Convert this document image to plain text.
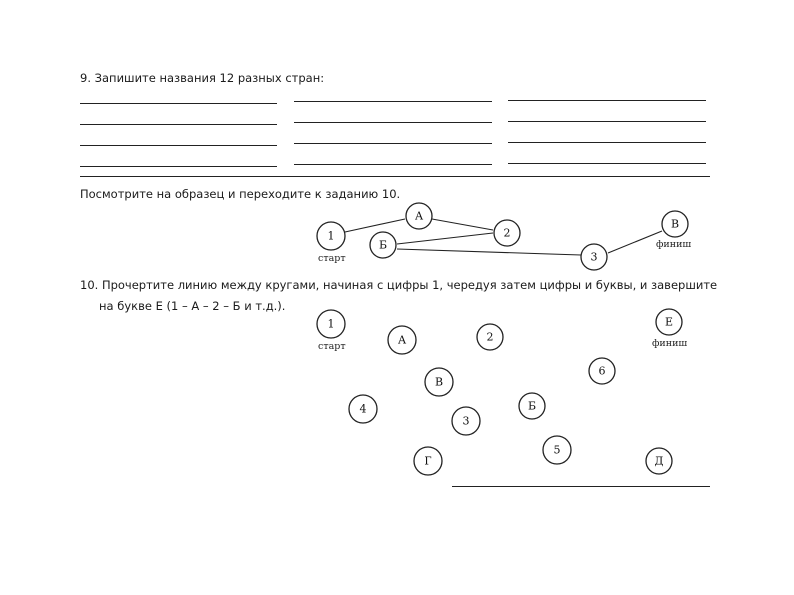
9. Запишите названия 12 разных стран:
Посмотрите на образец и переходите к заданию 10.
10. Прочертите линию между кругами, начиная с цифры 1, чередуя затем цифры и буквы, и завершите
на букве Е (1 – А – 2 – Б и т.д.).
1
А
Б
2
3
В
старт
финиш
1
А	2
Е
6
В
4
3
Б
5
Г	Д
старт	финиш
